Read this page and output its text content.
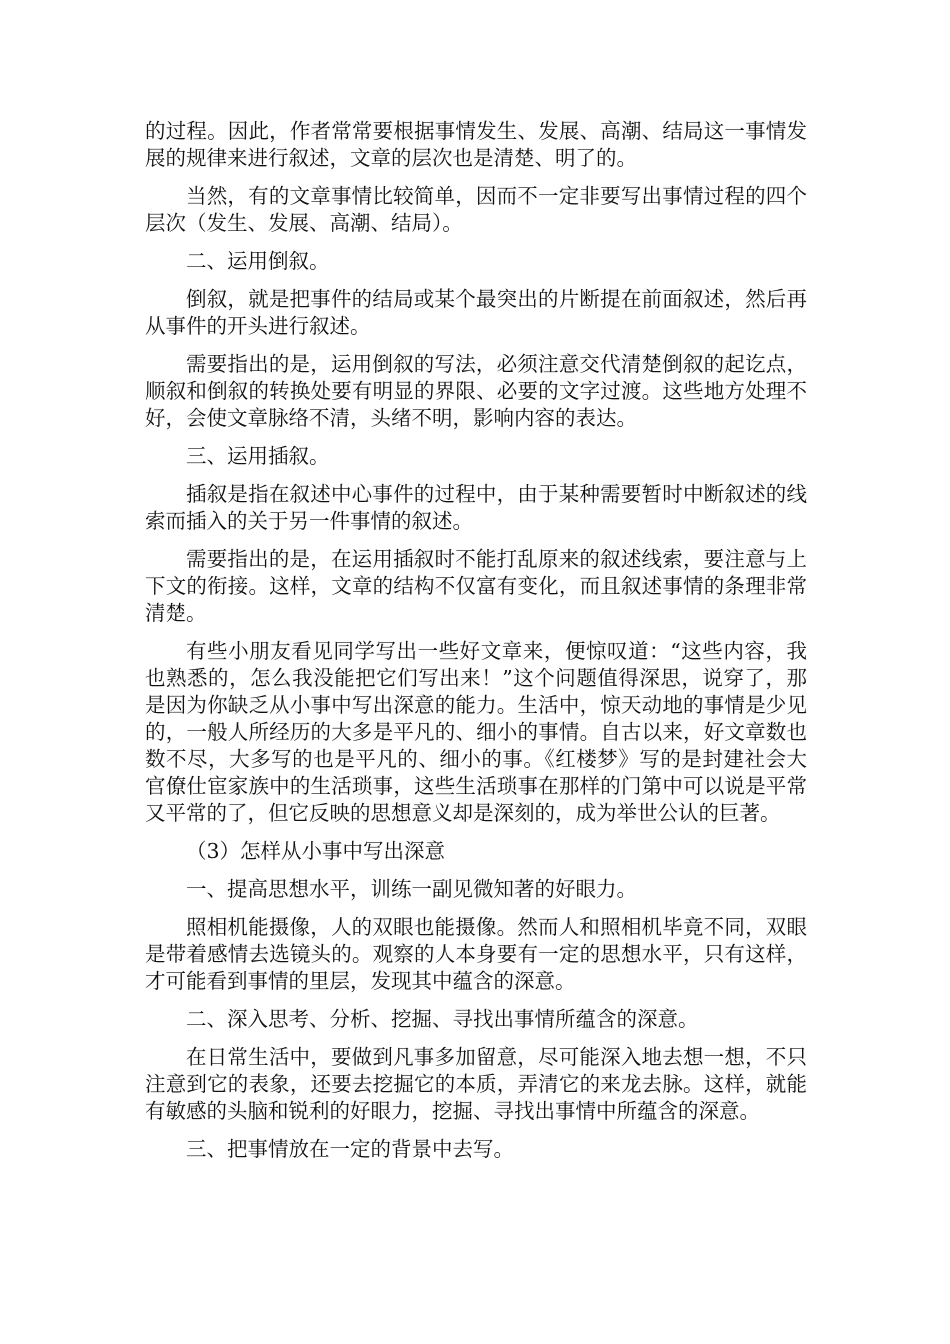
的过程。因此，作者常常要根据事情发生、发展、高潮、结局这一事情发展的规律来进行叙述，文章的层次也是清楚、明了的。

当然，有的文章事情比较简单，因而不一定非要写出事情过程的四个层次（发生、发展、高潮、结局）。

二、运用倒叙。

倒叙，就是把事件的结局或某个最突出的片断提在前面叙述，然后再从事件的开头进行叙述。

需要指出的是，运用倒叙的写法，必须注意交代清楚倒叙的起讫点，顺叙和倒叙的转换处要有明显的界限、必要的文字过渡。这些地方处理不好，会使文章脉络不清，头绪不明，影响内容的表达。

三、运用插叙。

插叙是指在叙述中心事件的过程中，由于某种需要暂时中断叙述的线索而插入的关于另一件事情的叙述。

需要指出的是，在运用插叙时不能打乱原来的叙述线索，要注意与上下文的衔接。这样，文章的结构不仅富有变化，而且叙述事情的条理非常清楚。

有些小朋友看见同学写出一些好文章来，便惊叹道：“这些内容，我也熟悉的，怎么我没能把它们写出来！”这个问题值得深思，说穿了，那是因为你缺乏从小事中写出深意的能力。生活中，惊天动地的事情是少见的，一般人所经历的大多是平凡的、细小的事情。自古以来，好文章数也数不尽，大多写的也是平凡的、细小的事。《红楼梦》写的是封建社会大官僚仕宦家族中的生活琐事，这些生活琐事在那样的门第中可以说是平常又平常的了，但它反映的思想意义却是深刻的，成为举世公认的巨著。

（3）怎样从小事中写出深意

一、提高思想水平，训练一副见微知著的好眼力。

照相机能摄像，人的双眼也能摄像。然而人和照相机毕竟不同，双眼是带着感情去选镜头的。观察的人本身要有一定的思想水平，只有这样，才可能看到事情的里层，发现其中蕴含的深意。

二、深入思考、分析、挖掘、寻找出事情所蕴含的深意。

在日常生活中，要做到凡事多加留意，尽可能深入地去想一想，不只注意到它的表象，还要去挖掘它的本质，弄清它的来龙去脉。这样，就能有敏感的头脑和锐利的好眼力，挖掘、寻找出事情中所蕴含的深意。

三、把事情放在一定的背景中去写。
